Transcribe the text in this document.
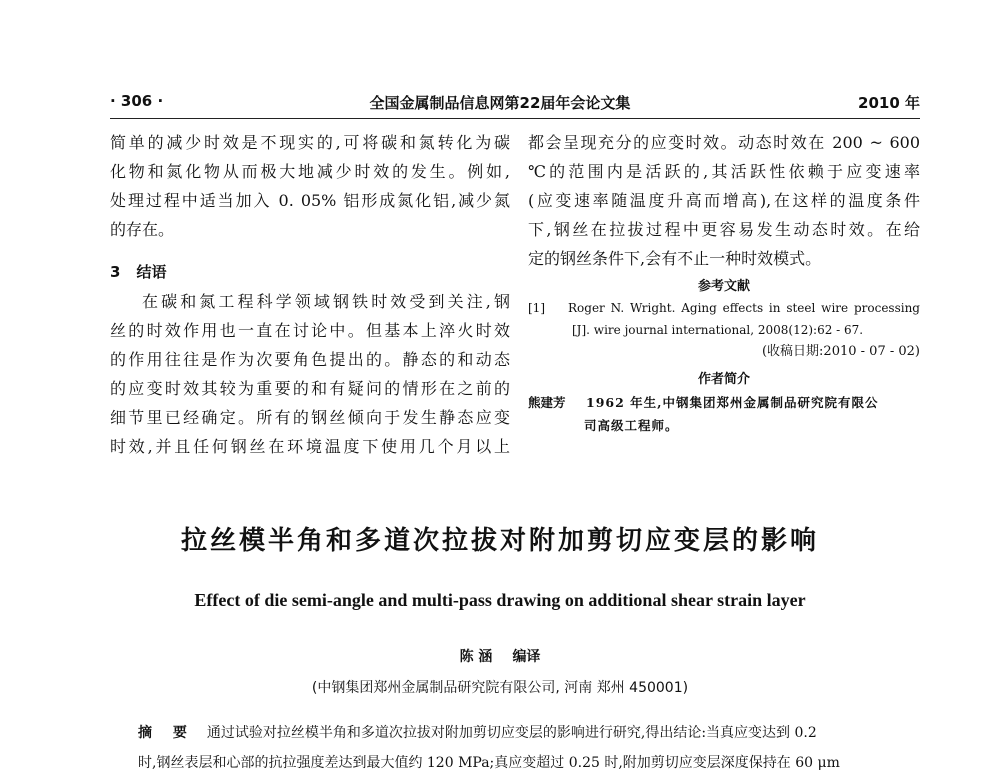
· 306 ·	全国金属制品信息网第22届年会论文集	2010 年

简单的减少时效是不现实的,可将碳和氮转化为碳

化物和氮化物从而极大地减少时效的发生。例如,

处理过程中适当加入 0. 05% 铝形成氮化铝,减少氮

的存在。

3 结语

在碳和氮工程科学领域钢铁时效受到关注,钢

丝的时效作用也一直在讨论中。但基本上淬火时效

的作用往往是作为次要角色提出的。静态的和动态

的应变时效其较为重要的和有疑问的情形在之前的

细节里已经确定。所有的钢丝倾向于发生静态应变

时效,并且任何钢丝在环境温度下使用几个月以上

都会呈现充分的应变时效。动态时效在 200 ~ 600

℃的范围内是活跃的,其活跃性依赖于应变速率

(应变速率随温度升高而增高),在这样的温度条件

下,钢丝在拉拔过程中更容易发生动态时效。在给

定的钢丝条件下,会有不止一种时效模式。

参考文献

[1]	Roger N. Wright. Aging effects in steel wire processing
[J]. wire journal international, 2008(12):62 - 67.

(收稿日期:2010 - 07 - 02)

作者简介

熊建芳	1962 年生,中钢集团郑州金属制品研究院有限公
司高级工程师。
拉丝模半角和多道次拉拔对附加剪切应变层的影响
Effect of die semi-angle and multi-pass drawing on additional shear strain layer
陈 涵 编译
(中钢集团郑州金属制品研究院有限公司, 河南 郑州 450001)

摘 要 通过试验对拉丝模半角和多道次拉拔对附加剪切应变层的影响进行研究,得出结论:当真应变达到 0.2

时,钢丝表层和心部的抗拉强度差达到最大值约 120 MPa;真应变超过 0.25 时,附加剪切应变层深度保持在 60 μm
